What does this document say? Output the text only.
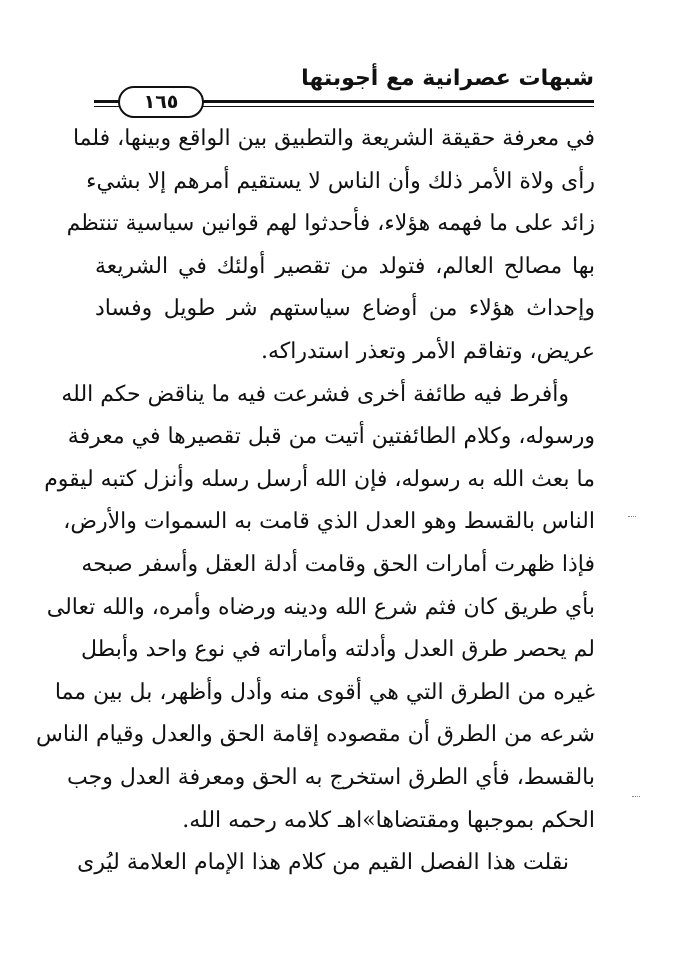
شبهات عصرانية مع أجوبتها
١٦٥
في معرفة حقيقة الشريعة والتطبيق بين الواقع وبينها، فلما
رأى ولاة الأمر ذلك وأن الناس لا يستقيم أمرهم إلا بشيء
زائد على ما فهمه هؤلاء، فأحدثوا لهم قوانين سياسية تنتظم
بها مصالح العالم، فتولد من تقصير أولئك في الشريعة
وإحداث هؤلاء من أوضاع سياستهم شر طويل وفساد
عريض، وتفاقم الأمر وتعذر استدراكه.
وأفرط فيه طائفة أخرى فشرعت فيه ما يناقض حكم الله
ورسوله، وكلام الطائفتين أتيت من قبل تقصيرها في معرفة
ما بعث الله به رسوله، فإن الله أرسل رسله وأنزل كتبه ليقوم
الناس بالقسط وهو العدل الذي قامت به السموات والأرض،
فإذا ظهرت أمارات الحق وقامت أدلة العقل وأسفر صبحه
بأي طريق كان فثم شرع الله ودينه ورضاه وأمره، والله تعالى
لم يحصر طرق العدل وأدلته وأماراته في نوع واحد وأبطل
غيره من الطرق التي هي أقوى منه وأدل وأظهر، بل بين مما
شرعه من الطرق أن مقصوده إقامة الحق والعدل وقيام الناس
بالقسط، فأي الطرق استخرج به الحق ومعرفة العدل وجب
الحكم بموجبها ومقتضاها»اهـ كلامه رحمه الله.
نقلت هذا الفصل القيم من كلام هذا الإمام العلامة ليُرى
